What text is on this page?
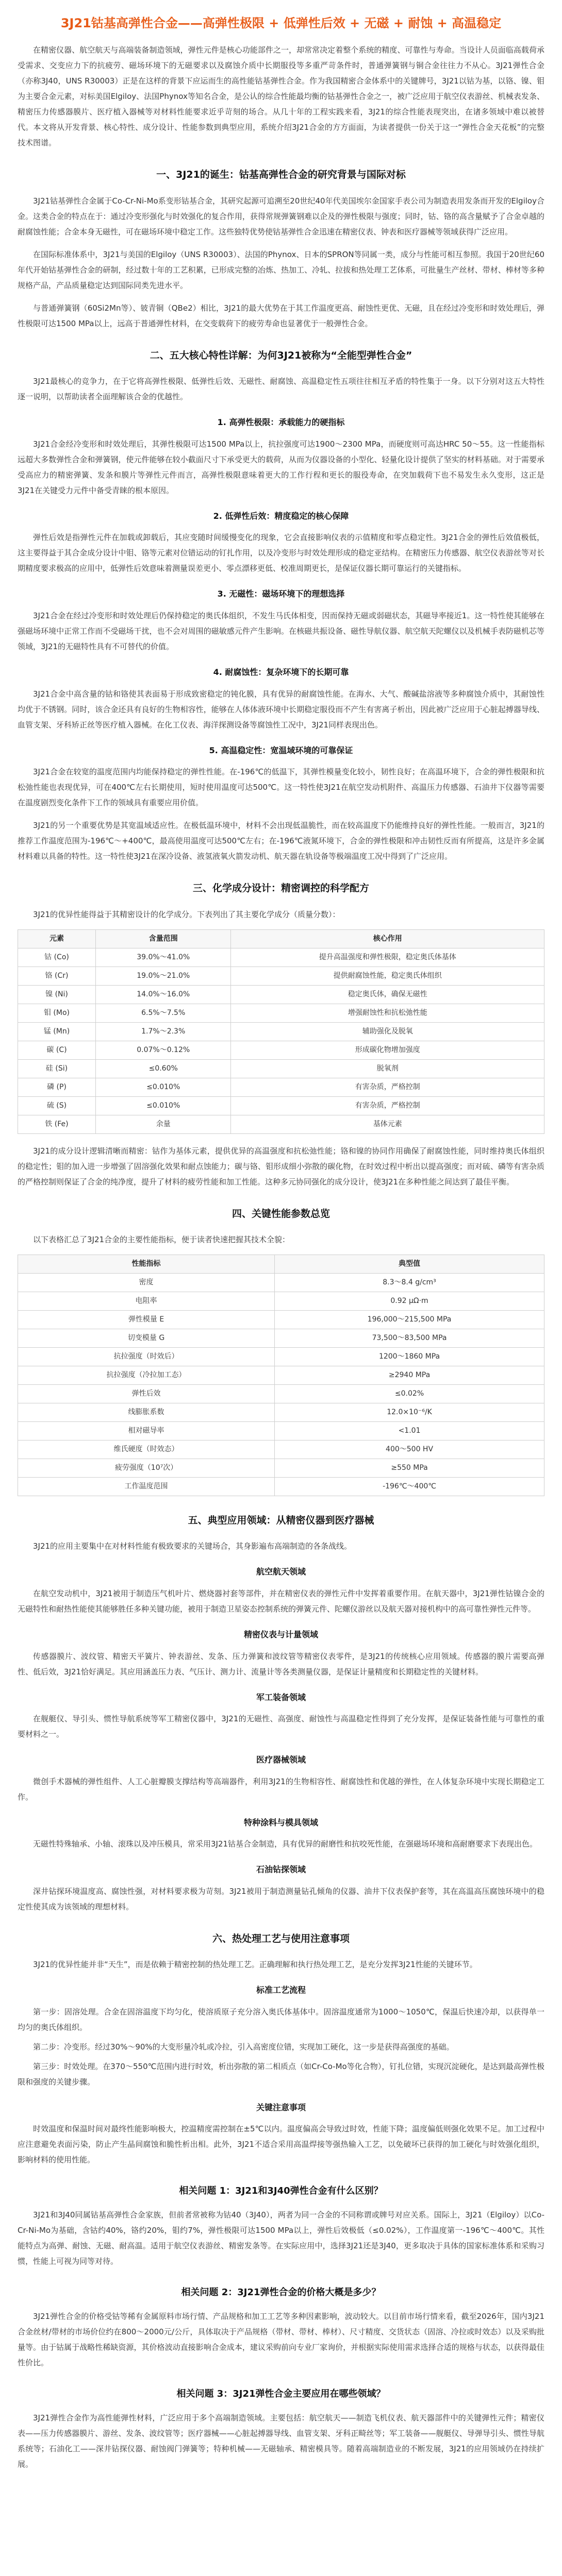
3J21钴基高弹性合金——高弹性极限 + 低弹性后效 + 无磁 + 耐蚀 + 高温稳定

在精密仪器、航空航天与高端装备制造领域，弹性元件是核心功能部件之一，却常常决定着整个系统的精度、可靠性与寿命。当设计人员面临高载荷承受需求、交变应力下的抗疲劳、磁场环境下的无磁要求以及腐蚀介质中长期服役等多重严苛条件时，普通弹簧钢与铜合金往往力不从心。3J21弹性合金（亦称3J40，UNS R30003）正是在这样的背景下应运而生的高性能钴基弹性合金。作为我国精密合金体系中的关键牌号，3J21以钴为基，以铬、镍、钼为主要合金元素，对标美国Elgiloy、法国Phynox等知名合金，是公认的综合性能最均衡的钴基弹性合金之一，被广泛应用于航空仪表游丝、机械表发条、精密压力传感器膜片、医疗植入器械等对材料性能要求近乎苛刻的场合。从几十年的工程实践来看，3J21的综合性能表现突出，在诸多领域中难以被替代。本文将从开发背景、核心特性、成分设计、性能参数到典型应用，系统介绍3J21合金的方方面面，为读者提供一份关于这一“弹性合金天花板”的完整技术图谱。

一、3J21的诞生：钴基高弹性合金的研究背景与国际对标

3J21钴基弹性合金属于Co-Cr-Ni-Mo系变形钴基合金，其研究起源可追溯至20世纪40年代美国埃尔金国家手表公司为制造表用发条而开发的Elgiloy合金。这类合金的特点在于：通过冷变形强化与时效强化的复合作用，获得常规弹簧钢难以企及的弹性极限与强度；同时，钴、铬的高含量赋予了合金卓越的耐腐蚀性能；合金本身无磁性，可在磁场环境中稳定工作。这些独特优势使钴基弹性合金迅速在精密仪表、钟表和医疗器械等领域获得广泛应用。

在国际标准体系中，3J21与美国的Elgiloy（UNS R30003）、法国的Phynox、日本的SPRON等同属一类，成分与性能可相互参照。我国于20世纪60年代开始钴基弹性合金的研制，经过数十年的工艺积累，已形成完整的冶炼、热加工、冷轧、拉拔和热处理工艺体系，可批量生产丝材、带材、棒材等多种规格产品，产品质量稳定达到国际同类先进水平。

与普通弹簧钢（60Si2Mn等）、铍青铜（QBe2）相比，3J21的最大优势在于其工作温度更高、耐蚀性更优、无磁，且在经过冷变形和时效处理后，弹性极限可达1500 MPa以上，远高于普通弹性材料，在交变载荷下的疲劳寿命也显著优于一般弹性合金。

二、五大核心特性详解：为何3J21被称为“全能型弹性合金”

3J21最核心的竞争力，在于它将高弹性极限、低弹性后效、无磁性、耐腐蚀、高温稳定性五项往往相互矛盾的特性集于一身。以下分别对这五大特性逐一说明，以帮助读者全面理解该合金的优越性。

1. 高弹性极限：承载能力的硬指标

3J21合金经冷变形和时效处理后，其弹性极限可达1500 MPa以上，抗拉强度可达1900～2300 MPa，而硬度则可高达HRC 50～55。这一性能指标远超大多数弹性合金和弹簧钢，使元件能够在较小截面尺寸下承受更大的载荷，从而为仪器设备的小型化、轻量化设计提供了坚实的材料基础。对于需要承受高应力的精密弹簧、发条和膜片等弹性元件而言，高弹性极限意味着更大的工作行程和更长的服役寿命，在突加载荷下也不易发生永久变形，这正是3J21在关键受力元件中备受青睐的根本原因。

2. 低弹性后效：精度稳定的核心保障

弹性后效是指弹性元件在加载或卸载后，其应变随时间缓慢变化的现象，它会直接影响仪表的示值精度和零点稳定性。3J21合金的弹性后效值极低，这主要得益于其合金成分设计中钼、铬等元素对位错运动的钉扎作用，以及冷变形与时效处理形成的稳定亚结构。在精密压力传感器、航空仪表游丝等对长期精度要求极高的应用中，低弹性后效意味着测量误差更小、零点漂移更低、校准周期更长，是保证仪器长期可靠运行的关键指标。

3. 无磁性：磁场环境下的理想选择

3J21合金在经过冷变形和时效处理后仍保持稳定的奥氏体组织，不发生马氏体相变，因而保持无磁或弱磁状态，其磁导率接近1。这一特性使其能够在强磁场环境中正常工作而不受磁场干扰，也不会对周围的磁敏感元件产生影响。在核磁共振设备、磁性导航仪器、航空航天陀螺仪以及机械手表防磁机芯等领域，3J21的无磁特性具有不可替代的价值。

4. 耐腐蚀性：复杂环境下的长期可靠

3J21合金中高含量的钴和铬使其表面易于形成致密稳定的钝化膜，具有优异的耐腐蚀性能。在海水、大气、酸碱盐溶液等多种腐蚀介质中，其耐蚀性均优于不锈钢。同时，该合金还具有良好的生物相容性，能够在人体体液环境中长期稳定服役而不产生有害离子析出，因此被广泛应用于心脏起搏器导线、血管支架、牙科矫正丝等医疗植入器械。在化工仪表、海洋探测设备等腐蚀性工况中，3J21同样表现出色。

5. 高温稳定性：宽温域环境的可靠保证

3J21合金在较宽的温度范围内均能保持稳定的弹性性能。在-196℃的低温下，其弹性模量变化较小，韧性良好；在高温环境下，合金的弹性极限和抗松弛性能也表现优异，可在400℃左右长期使用，短时使用温度可达500℃。这一特性使3J21在航空发动机附件、高温压力传感器、石油井下仪器等需要在温度剧烈变化条件下工作的领域具有重要应用价值。

3J21的另一个重要优势是其宽温域适应性。在极低温环境中，材料不会出现低温脆性，而在较高温度下仍能维持良好的弹性性能。一般而言，3J21的推荐工作温度范围为-196℃～+400℃，最高使用温度可达500℃左右；在-196℃液氮环境下，合金的弹性极限和冲击韧性反而有所提高，这是许多金属材料难以具备的特性。这一特性使3J21在深冷设备、液氢液氧火箭发动机、航天器在轨设备等极端温度工况中得到了广泛应用。

三、化学成分设计：精密调控的科学配方

3J21的优异性能得益于其精密设计的化学成分。下表列出了其主要化学成分（质量分数）：

元素	含量范围	核心作用
钴 (Co)	39.0%～41.0%	提升高温强度和弹性极限，稳定奥氏体基体
铬 (Cr)	19.0%～21.0%	提供耐腐蚀性能，稳定奥氏体组织
镍 (Ni)	14.0%～16.0%	稳定奥氏体，确保无磁性
钼 (Mo)	6.5%～7.5%	增强耐蚀性和抗松弛性能
锰 (Mn)	1.7%～2.3%	辅助强化及脱氧
碳 (C)	0.07%～0.12%	形成碳化物增加强度
硅 (Si)	≤0.60%	脱氧剂
磷 (P)	≤0.010%	有害杂质，严格控制
硫 (S)	≤0.010%	有害杂质，严格控制
铁 (Fe)	余量	基体元素

3J21的成分设计逻辑清晰而精密：钴作为基体元素，提供优异的高温强度和抗松弛性能；铬和镍的协同作用确保了耐腐蚀性能，同时维持奥氏体组织的稳定性；钼的加入进一步增强了固溶强化效果和耐点蚀能力；碳与铬、钼形成细小弥散的碳化物，在时效过程中析出以提高强度；而对硫、磷等有害杂质的严格控制则保证了合金的纯净度，提升了材料的疲劳性能和加工性能。这种多元协同强化的成分设计，使3J21在多种性能之间达到了最佳平衡。

四、关键性能参数总览

以下表格汇总了3J21合金的主要性能指标，便于读者快速把握其技术全貌：

性能指标	典型值
密度	8.3～8.4 g/cm³
电阻率	0.92 μΩ·m
弹性模量 E	196,000～215,500 MPa
切变模量 G	73,500～83,500 MPa
抗拉强度（时效后）	1200～1860 MPa
抗拉强度（冷拉加工态）	≥2940 MPa
弹性后效	≤0.02%
线膨胀系数	12.0×10⁻⁶/K
相对磁导率	<1.01
维氏硬度（时效态）	400～500 HV
疲劳强度（10⁷次）	≥550 MPa
工作温度范围	-196℃～400℃
五、典型应用领域：从精密仪器到医疗器械

3J21的应用主要集中在对材料性能有极致要求的关键场合，其身影遍布高端制造的各条战线。

航空航天领域

在航空发动机中，3J21被用于制造压气机叶片、燃烧器衬套等部件，并在精密仪表的弹性元件中发挥着重要作用。在航天器中，3J21弹性钴镍合金的无磁特性和耐热性能使其能够胜任多种关键功能，被用于制造卫星姿态控制系统的弹簧元件、陀螺仪游丝以及航天器对接机构中的高可靠性弹性元件等。

精密仪表与计量领域

传感器膜片、波纹管、精密天平簧片、钟表游丝、发条、压力弹簧和波纹管等精密仪表零件，是3J21的传统核心应用领域。传感器的膜片需要高弹性、低后效，3J21恰好满足。其应用涵盖压力表、气压计、测力计、流量计等各类测量仪器，是保证计量精度和长期稳定性的关键材料。

军工装备领域

在舰艇仪、导引头、惯性导航系统等军工精密仪器中，3J21的无磁性、高强度、耐蚀性与高温稳定性得到了充分发挥，是保证装备性能与可靠性的重要材料之一。

医疗器械领域

微创手术器械的弹性组件、人工心脏瓣膜支撑结构等高端器件，利用3J21的生物相容性、耐腐蚀性和优越的弹性，在人体复杂环境中实现长期稳定工作。

特种涂料与模具领域

无磁性特殊轴承、小轴、滚珠以及冲压模具，常采用3J21钴基合金制造，具有优异的耐磨性和抗咬死性能，在强磁场环境和高耐磨要求下表现出色。

石油钻探领域

深井钻探环境温度高、腐蚀性强，对材料要求极为苛刻。3J21被用于制造测量钻孔倾角的仪器、油井下仪表保护套等，其在高温高压腐蚀环境中的稳定性使其成为该领域的理想材料。

六、热处理工艺与使用注意事项

3J21的优异性能并非“天生”，而是依赖于精密控制的热处理工艺。正确理解和执行热处理工艺，是充分发挥3J21性能的关键环节。

标准工艺流程
第一步：固溶处理。合金在固溶温度下均匀化，使溶质原子充分溶入奥氏体基体中。固溶温度通常为1000～1050℃，保温后快速冷却，以获得单一均匀的奥氏体组织。
第二步：冷变形。经过30%～90%的大变形量冷轧或冷拉，引入高密度位错，实现加工硬化，这一步是获得高强度的基础。
第三步：时效处理。在370～550℃范围内进行时效，析出弥散的第二相质点（如Cr-Co-Mo等化合物），钉扎位错，实现沉淀硬化，是达到最高弹性极限和强度的关键步骤。
关键注意事项

时效温度和保温时间对最终性能影响极大，控温精度需控制在±5℃以内。温度偏高会导致过时效，性能下降；温度偏低则强化效果不足。加工过程中应注意避免表面污染，防止产生晶间腐蚀和脆性析出相。此外，3J21不适合采用高温焊接等强热输入工艺，以免破坏已获得的加工硬化与时效强化组织，影响材料的使用性能。

相关问题 1：3J21和3J40弹性合金有什么区别？

3J21和3J40同属钴基高弹性合金家族，但前者常被称为钴40（3J40），两者为同一合金的不同称谓或牌号对应关系。国际上，3J21（Elgiloy）以Co-Cr-Ni-Mo为基础，含钴约40%，铬约20%，钼约7%，弹性极限可达1500 MPa以上，弹性后效极低（≤0.02%），工作温度第一-196℃～400℃。其性能特点为高弹、耐蚀、无磁、耐高温。适用于航空仪表游丝、精密发条等。在实际应用中，选择3J21还是3J40，更多取决于具体的国家标准体系和采购习惯，性能上可视为同等对待。

相关问题 2：3J21弹性合金的价格大概是多少？

3J21弹性合金的价格受钴等稀有金属原料市场行情、产品规格和加工工艺等多种因素影响，波动较大。以目前市场行情来看，截至2026年，国内3J21合金丝材/带材的市场价位约在800～2000元/公斤，具体取决于产品规格（带材、带材、棒材）、尺寸精度、交货状态（固溶、冷拉或时效态）以及采购批量等。由于钴属于战略性稀缺资源，其价格波动直接影响合金成本，建议采购前向专业厂家询价，并根据实际使用需求选择合适的规格与状态，以获得最佳性价比。

相关问题 3：3J21弹性合金主要应用在哪些领域？

3J21弹性合金作为高性能弹性材料，广泛应用于多个高端制造领域。主要包括：航空航天——制造飞机仪表、航天器部件中的关键弹性元件；精密仪表——压力传感器膜片、游丝、发条、波纹管等；医疗器械——心脏起搏器导线、血管支架、牙科正畸丝等；军工装备——舰艇仪、导弹导引头、惯性导航系统等；石油化工——深井钻探仪器、耐蚀阀门弹簧等；特种机械——无磁轴承、精密模具等。随着高端制造业的不断发展，3J21的应用领域仍在持续扩展。
